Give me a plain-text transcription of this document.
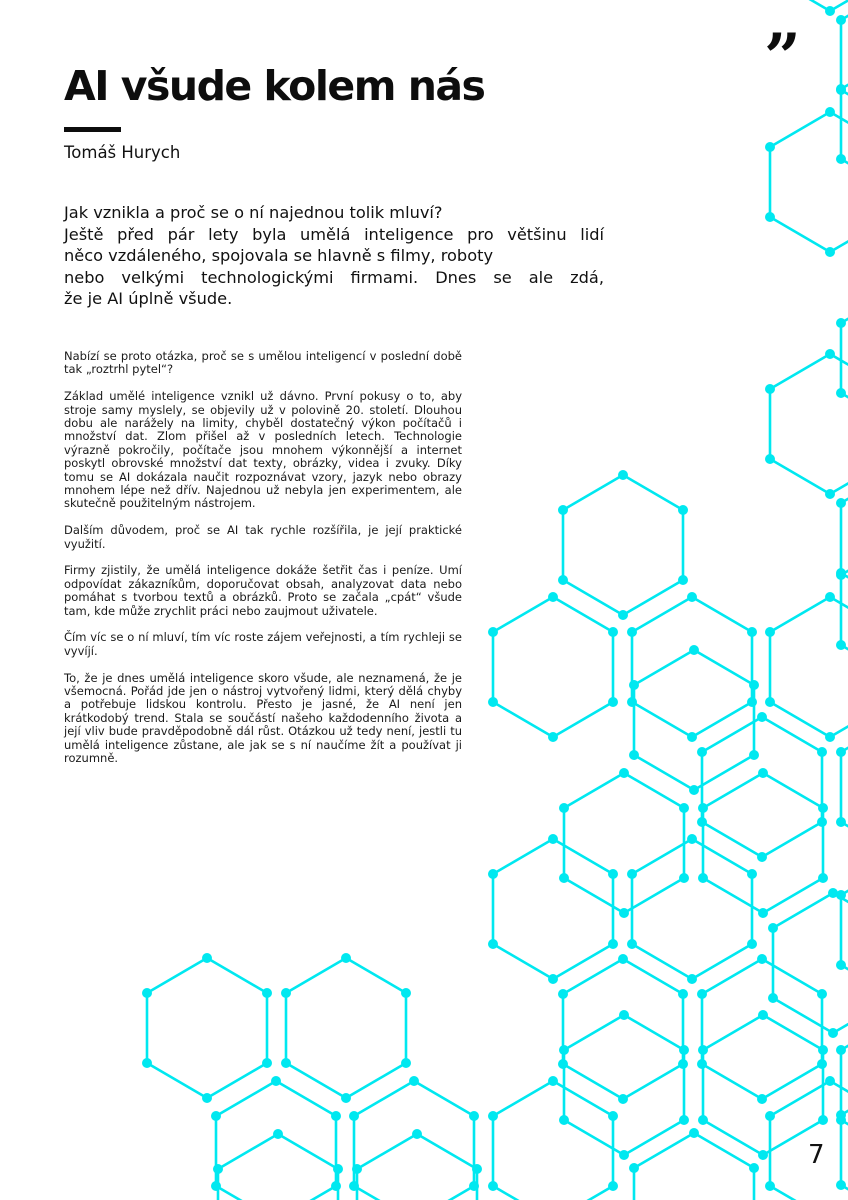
”
AI všude kolem nás
Tomáš Hurych
Jak vznikla a proč se o ní najednou tolik mluví?
Ještě před pár lety byla umělá inteligence pro většinu lidí
něco vzdáleného, spojovala se hlavně s filmy, roboty
nebo velkými technologickými firmami. Dnes se ale zdá,
že je AI úplně všude.

Nabízí se proto otázka, proč se s umělou inteligencí v poslední době tak „roztrhl pytel“?

Základ umělé inteligence vznikl už dávno. První pokusy o to, aby stroje samy myslely, se objevily už v polovině 20. století. Dlouhou dobu ale narážely na limity, chyběl dostatečný výkon počítačů i množství dat. Zlom přišel až v posledních letech. Technologie výrazně pokročily, počítače jsou mnohem výkonnější a internet poskytl obrovské množství dat texty, obrázky, videa i zvuky. Díky tomu se AI dokázala naučit rozpoznávat vzory, jazyk nebo obrazy mnohem lépe než dřív. Najednou už nebyla jen experimentem, ale skutečně použitelným nástrojem.

Dalším důvodem, proč se AI tak rychle rozšířila, je její praktické využití.

Firmy zjistily, že umělá inteligence dokáže šetřit čas i peníze. Umí odpovídat zákazníkům, doporučovat obsah, analyzovat data nebo pomáhat s tvorbou textů a obrázků. Proto se začala „cpát“ všude tam, kde může zrychlit práci nebo zaujmout uživatele.

Čím víc se o ní mluví, tím víc roste zájem veřejnosti, a tím rychleji se vyvíjí.

To, že je dnes umělá inteligence skoro všude, ale neznamená, že je všemocná. Pořád jde jen o nástroj vytvořený lidmi, který dělá chyby a potřebuje lidskou kontrolu. Přesto je jasné, že AI není jen krátkodobý trend. Stala se součástí našeho každodenního života a její vliv bude pravděpodobně dál růst. Otázkou už tedy není, jestli tu umělá inteligence zůstane, ale jak se s ní naučíme žít a používat ji rozumně.

7
